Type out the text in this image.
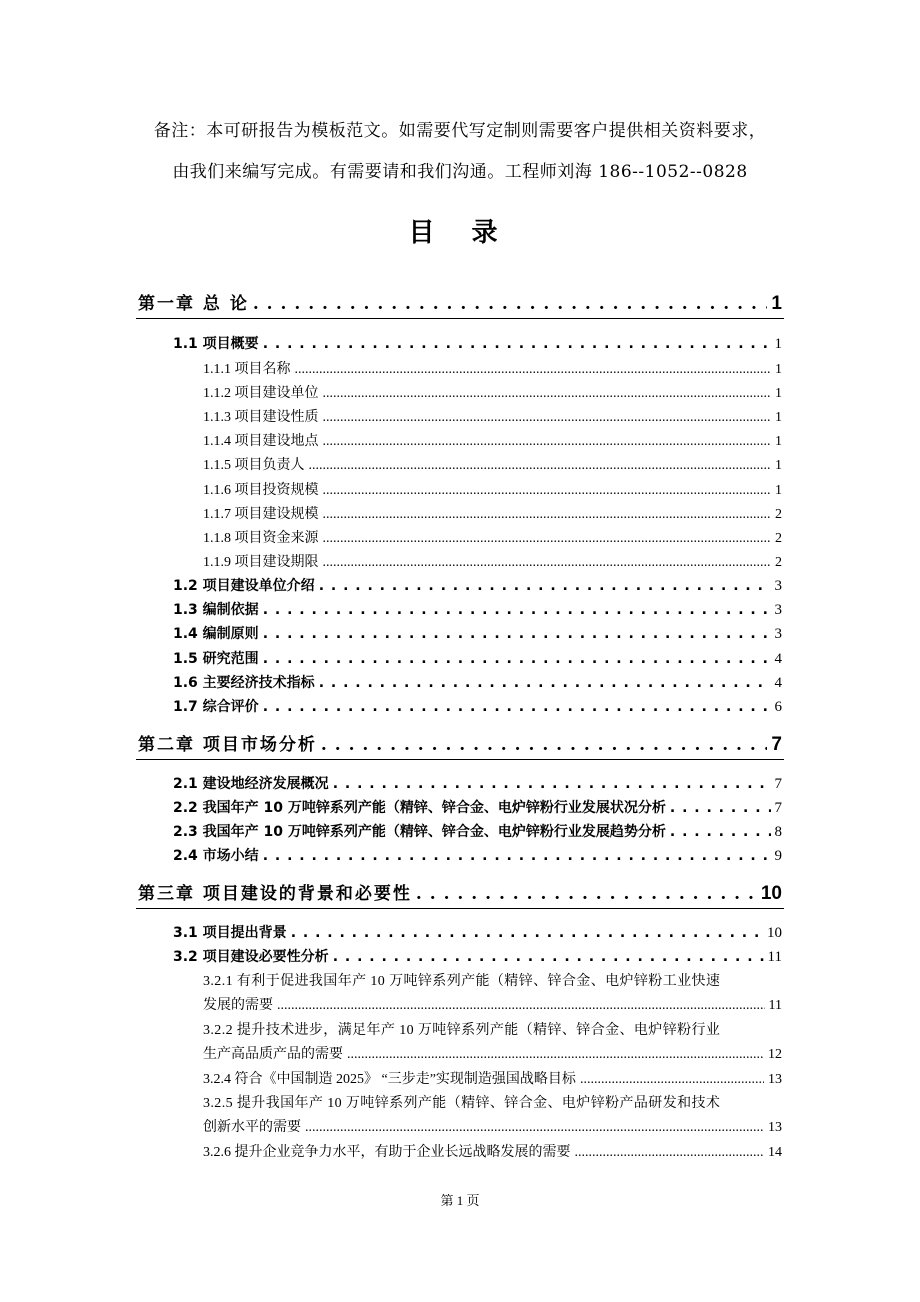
备注：本可研报告为模板范文。如需要代写定制则需要客户提供相关资料要求，
由我们来编写完成。有需要请和我们沟通。工程师刘海 186--1052--0828
目 录
第一章 总 论 . . .	1
1.1 项目概要 . . .	1
1.1.1 项目名称 .....	1
1.1.2 项目建设单位 .....	1
1.1.3 项目建设性质 .....	1
1.1.4 项目建设地点 .....	1
1.1.5 项目负责人 .....	1
1.1.6 项目投资规模 .....	1
1.1.7 项目建设规模 .....	2
1.1.8 项目资金来源 .....	2
1.1.9 项目建设期限 .....	2
1.2 项目建设单位介绍 . . .	3
1.3 编制依据 . . .	3
1.4 编制原则 . . .	3
1.5 研究范围 . . .	4
1.6 主要经济技术指标 . . .	4
1.7 综合评价 . . .	6
第二章 项目市场分析 . . .	7
2.1 建设地经济发展概况 . . .	7
2.2 我国年产 10 万吨锌系列产能（精锌、锌合金、电炉锌粉行业发展状况分析 . . .	7
2.3 我国年产 10 万吨锌系列产能（精锌、锌合金、电炉锌粉行业发展趋势分析 . . .	8
2.4 市场小结 . . .	9
第三章 项目建设的背景和必要性 . . .	10
3.1 项目提出背景 . . .	10
3.2 项目建设必要性分析 . . .	11
3.2.1 有利于促进我国年产 10 万吨锌系列产能（精锌、锌合金、电炉锌粉工业快速
发展的需要 .....	11
3.2.2 提升技术进步，满足年产 10 万吨锌系列产能（精锌、锌合金、电炉锌粉行业
生产高品质产品的需要 .....	12
3.2.4 符合《中国制造 2025》 “三步走”实现制造强国战略目标 .....	13
3.2.5 提升我国年产 10 万吨锌系列产能（精锌、锌合金、电炉锌粉产品研发和技术
创新水平的需要 .....	13
3.2.6 提升企业竞争力水平，有助于企业长远战略发展的需要 .....	14
第 1 页
